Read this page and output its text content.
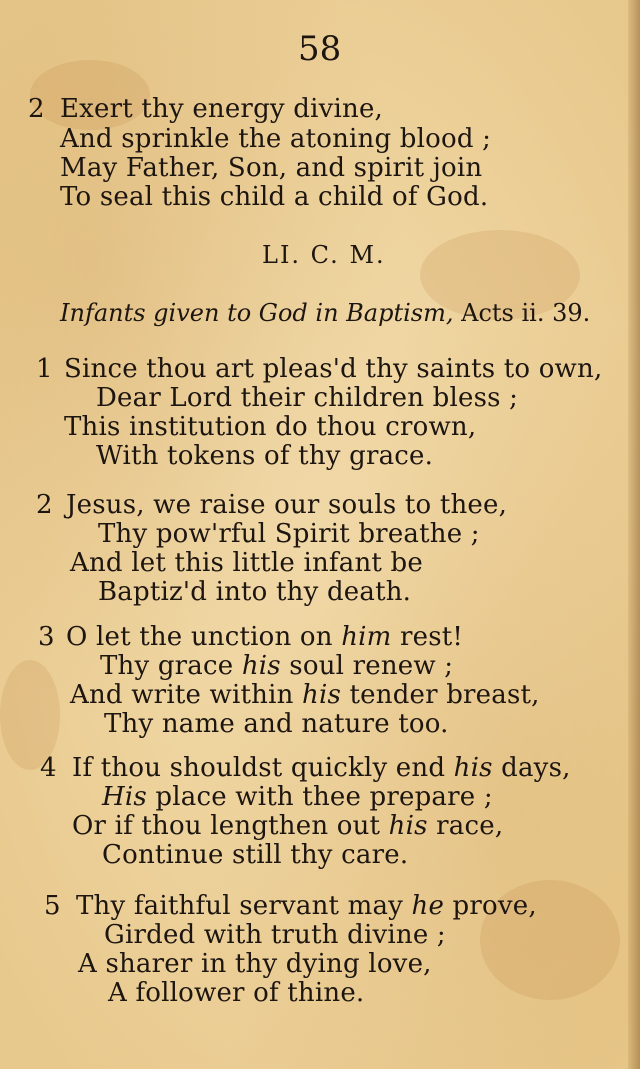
58
2 Exert thy energy divine,
And sprinkle the atoning blood ;
May Father, Son, and spirit join
To seal this child a child of God.
LI. C. M.
Infants given to God in Baptism, Acts ii. 39.
1 Since thou art pleas'd thy saints to own,
Dear Lord their children bless ;
This institution do thou crown,
With tokens of thy grace.
2 Jesus, we raise our souls to thee,
Thy pow'rful Spirit breathe ;
And let this little infant be
Baptiz'd into thy death.
3 O let the unction on him rest!
Thy grace his soul renew ;
And write within his tender breast,
Thy name and nature too.
4 If thou shouldst quickly end his days,
His place with thee prepare ;
Or if thou lengthen out his race,
Continue still thy care.
5 Thy faithful servant may he prove,
Girded with truth divine ;
A sharer in thy dying love,
A follower of thine.
